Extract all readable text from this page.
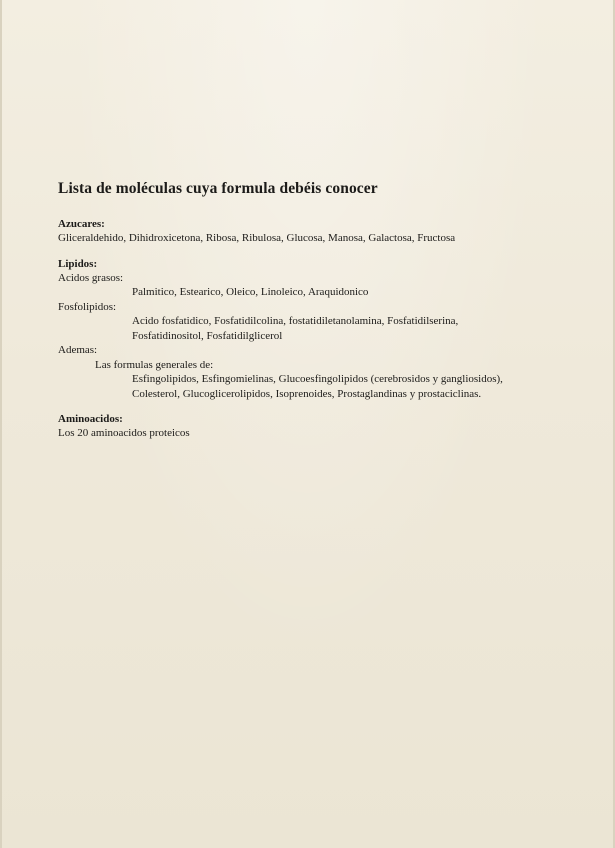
Lista de moléculas cuya formula debéis conocer
Azucares:
Gliceraldehido, Dihidroxicetona, Ribosa, Ribulosa, Glucosa, Manosa, Galactosa, Fructosa
Lipidos:
Acidos grasos:
Palmitico, Estearico, Oleico, Linoleico, Araquidonico
Fosfolipidos:
Acido fosfatidico, Fosfatidilcolina, fostatidiletanolamina, Fosfatidilserina,
Fosfatidinositol, Fosfatidilglicerol
Ademas:
Las formulas generales de:
Esfingolipidos, Esfingomielinas, Glucoesfingolipidos (cerebrosidos y gangliosidos),
Colesterol, Glucoglicerolipidos, Isoprenoides, Prostaglandinas y prostaciclinas.
Aminoacidos:
Los 20 aminoacidos proteicos
